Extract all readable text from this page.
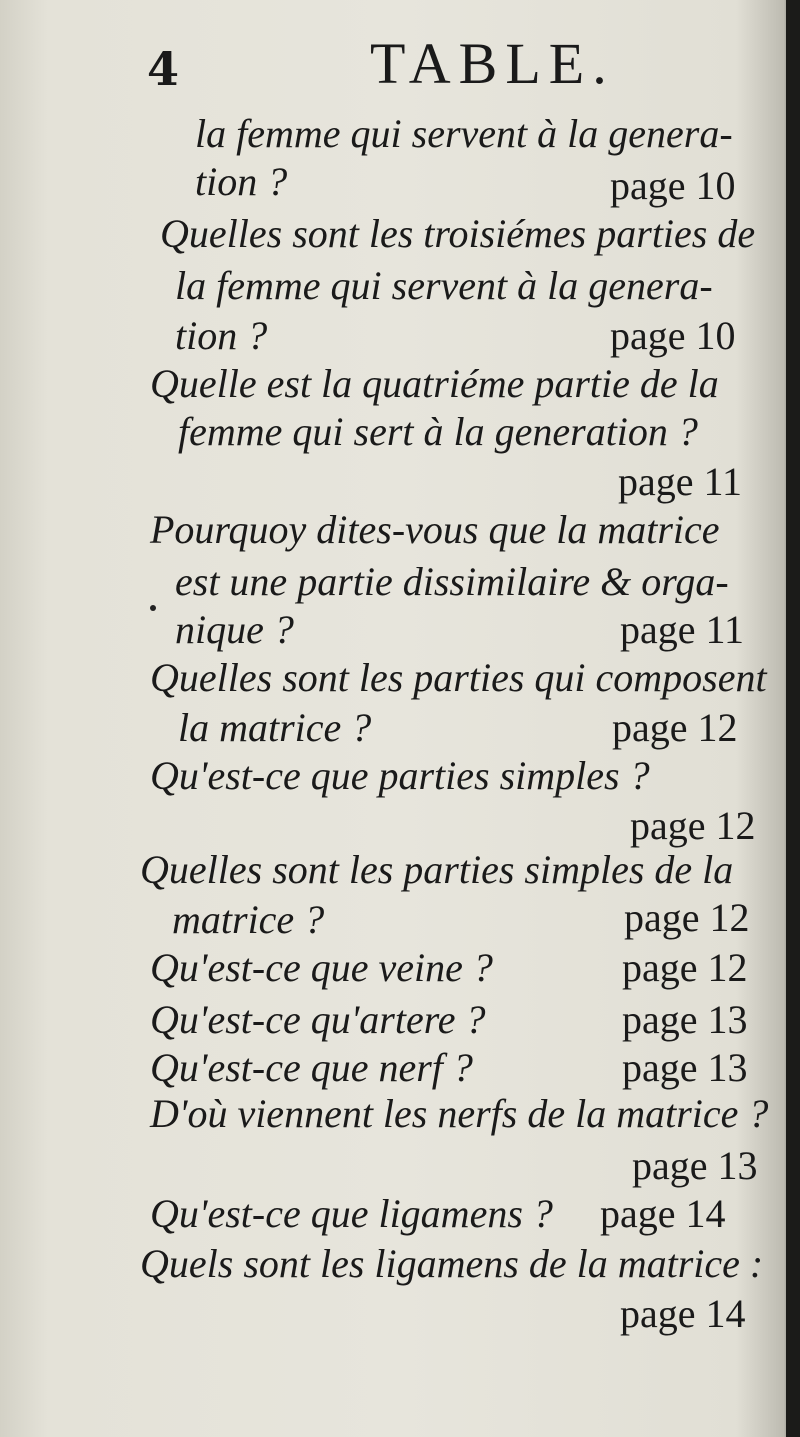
4	TABLE.
la femme qui servent à la genera-
tion ?	page 10
Quelles sont les troisiémes parties de
la femme qui servent à la genera-
tion ?	page 10
Quelle est la quatriéme partie de la
femme qui sert à la generation ?
page 11
Pourquoy dites-vous que la matrice
est une partie dissimilaire & orga-
nique ?	page 11
Quelles sont les parties qui composent
la matrice ?	page 12
Qu'est-ce que parties simples ?
page 12
Quelles sont les parties simples de la
matrice ?	page 12
Qu'est-ce que veine ?	page 12
Qu'est-ce qu'artere ?	page 13
Qu'est-ce que nerf ?	page 13
D'où viennent les nerfs de la matrice ?
page 13
Qu'est-ce que ligamens ? page 14
Quels sont les ligamens de la matrice :
page 14
